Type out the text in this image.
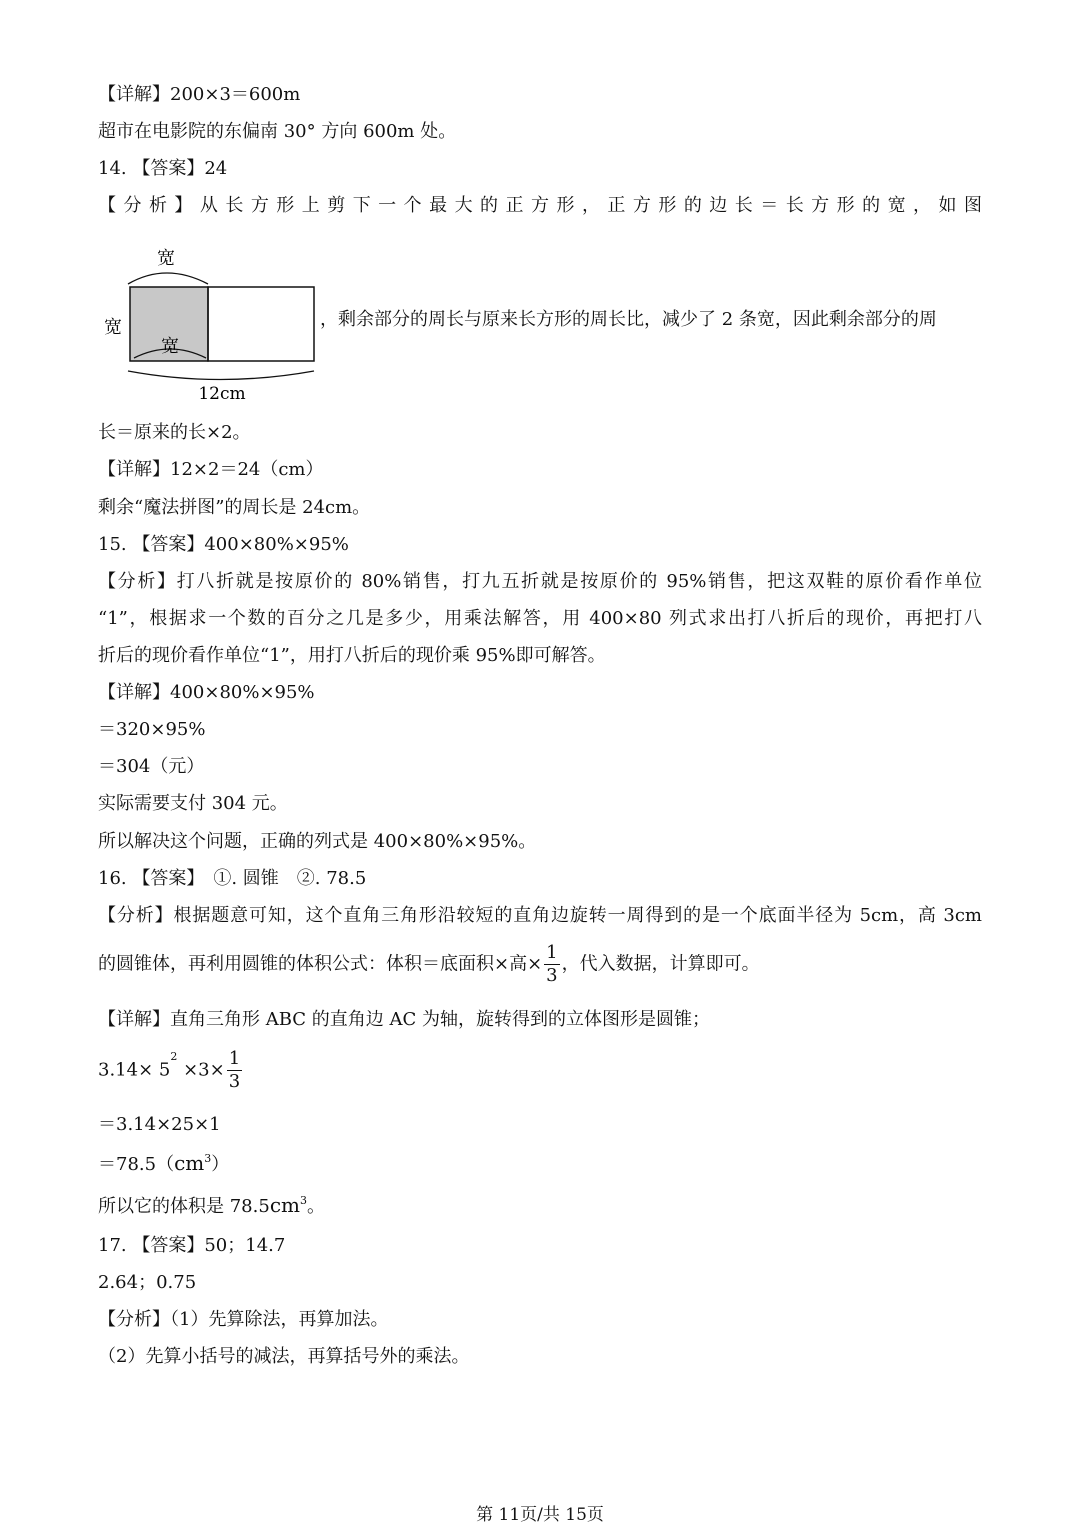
【详解】200×3＝600m
超市在电影院的东偏南 30° 方向 600m 处。
14. 【答案】24
【分析】从长方形上剪下一个最大的正方形，正方形的边长＝长方形的宽，如图
宽
宽
宽
12cm
，剩余部分的周长与原来长方形的周长比，减少了 2 条宽，因此剩余部分的周
长＝原来的长×2。
【详解】12×2＝24（cm）
剩余“魔法拼图”的周长是 24cm。
15. 【答案】400×80%×95%
【分析】打八折就是按原价的 80%销售，打九五折就是按原价的 95%销售，把这双鞋的原价看作单位
“1”，根据求一个数的百分之几是多少，用乘法解答，用 400×80 列式求出打八折后的现价，再把打八
折后的现价看作单位“1”，用打八折后的现价乘 95%即可解答。
【详解】400×80%×95%
＝320×95%
＝304（元）
实际需要支付 304 元。
所以解决这个问题，正确的列式是 400×80%×95%。
16. 【答案】　①. 圆锥　②. 78.5
【分析】根据题意可知，这个直角三角形沿较短的直角边旋转一周得到的是一个底面半径为 5cm，高 3cm
的圆锥体，再利用圆锥的体积公式：体积＝底面积×高× $\frac{1}{3}$ ，代入数据，计算即可。
【详解】直角三角形 ABC 的直角边 AC 为轴，旋转得到的立体图形是圆锥；
$3.14\times 5^2 \times 3\times \frac{1}{3}$
＝3.14×25×1
$=78.5(cm^3)$
所以它的体积是 $78.5cm^3$。
17. 【答案】50；14.7
2.64；0.75
【分析】（1）先算除法，再算加法。
（2）先算小括号的减法，再算括号外的乘法。
第 11页/共 15页
